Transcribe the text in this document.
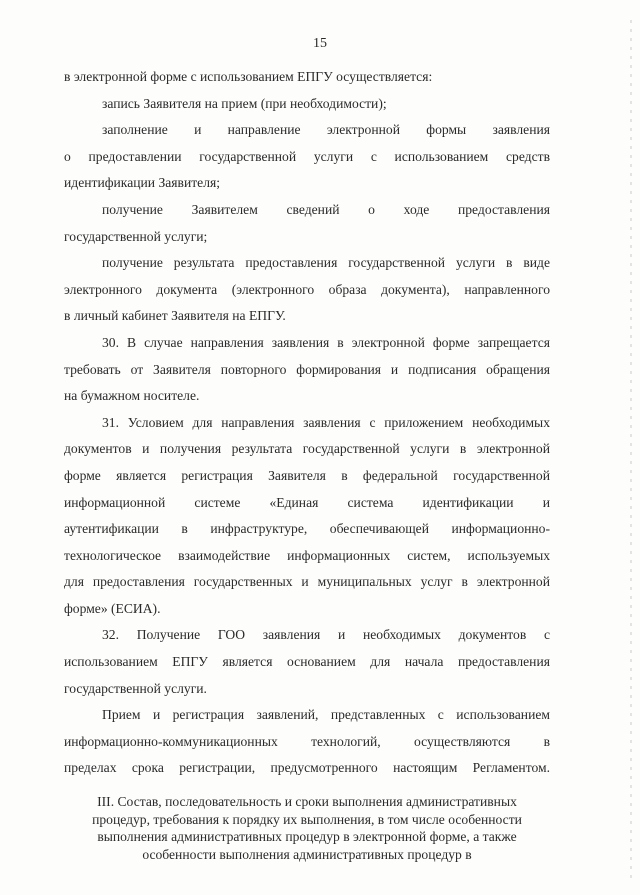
15
в электронной форме с использованием ЕПГУ осуществляется:
запись Заявителя на прием (при необходимости);
заполнение и направление электронной формы заявления
о предоставлении государственной услуги с использованием средств
идентификации Заявителя;
получение Заявителем сведений о ходе предоставления
государственной услуги;
получение результата предоставления государственной услуги в виде
электронного документа (электронного образа документа), направленного
в личный кабинет Заявителя на ЕПГУ.
30. В случае направления заявления в электронной форме запрещается
требовать от Заявителя повторного формирования и подписания обращения
на бумажном носителе.
31. Условием для направления заявления с приложением необходимых
документов и получения результата государственной услуги в электронной
форме является регистрация Заявителя в федеральной государственной
информационной системе «Единая система идентификации и
аутентификации в инфраструктуре, обеспечивающей информационно-
технологическое взаимодействие информационных систем, используемых
для предоставления государственных и муниципальных услуг в электронной
форме» (ЕСИА).
32. Получение ГОО заявления и необходимых документов с
использованием ЕПГУ является основанием для начала предоставления
государственной услуги.
Прием и регистрация заявлений, представленных с использованием
информационно-коммуникационных технологий, осуществляются в
пределах срока регистрации, предусмотренного настоящим Регламентом.
III. Состав, последовательность и сроки выполнения административных
процедур, требования к порядку их выполнения, в том числе особенности
выполнения административных процедур в электронной форме, а также
особенности выполнения административных процедур в
